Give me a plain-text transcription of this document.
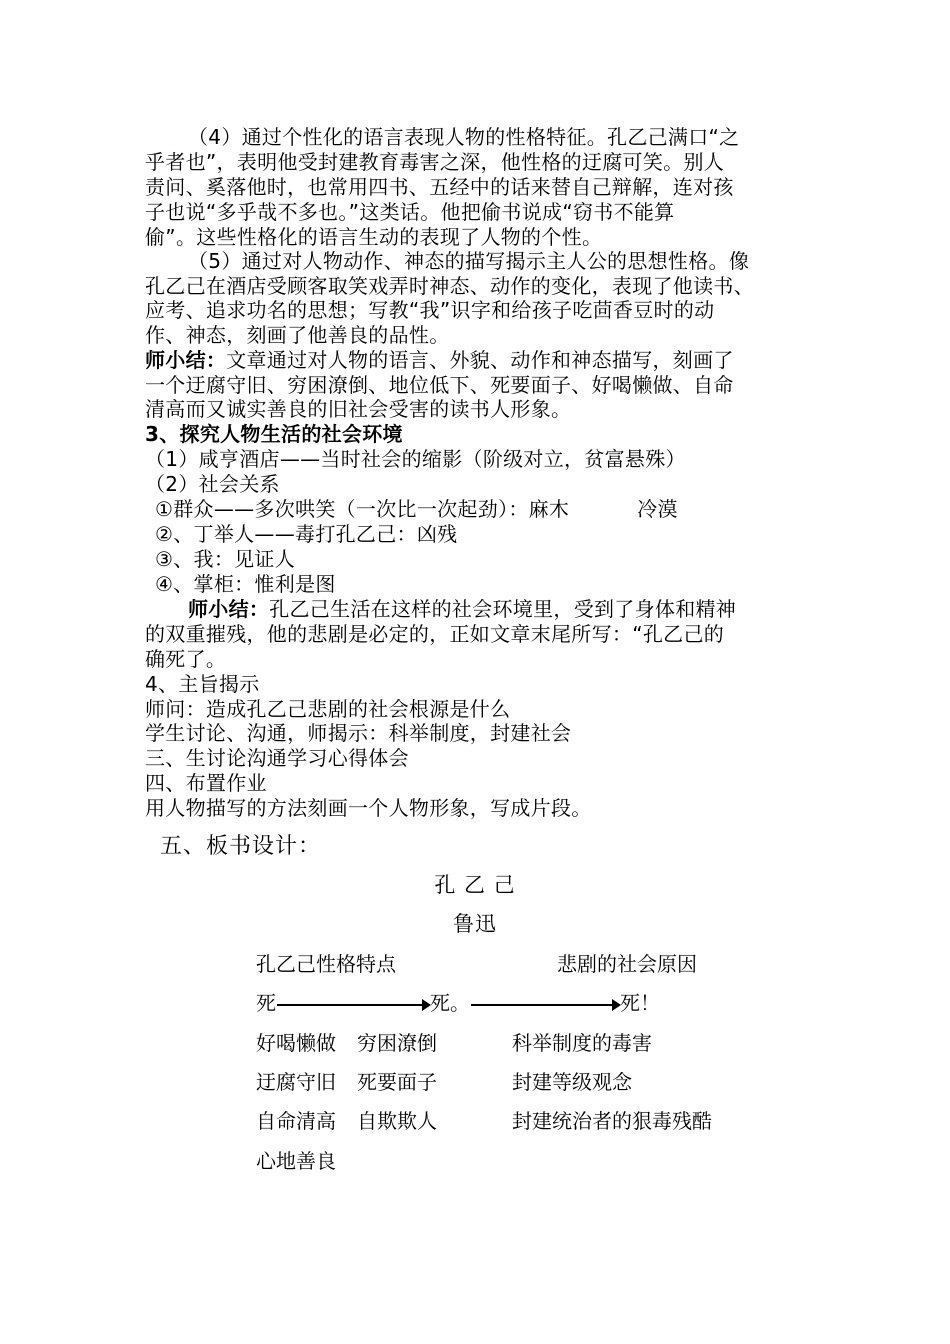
（4）通过个性化的语言表现人物的性格特征。孔乙己满口“之
乎者也”，表明他受封建教育毒害之深，他性格的迂腐可笑。别人
责问、奚落他时，也常用四书、五经中的话来替自己辩解，连对孩
子也说“多乎哉不多也。”这类话。他把偷书说成“窃书不能算
偷”。这些性格化的语言生动的表现了人物的个性。
（5）通过对人物动作、神态的描写揭示主人公的思想性格。像
孔乙己在酒店受顾客取笑戏弄时神态、动作的变化，表现了他读书、
应考、追求功名的思想；写教“我”识字和给孩子吃茴香豆时的动
作、神态，刻画了他善良的品性。
师小结：文章通过对人物的语言、外貌、动作和神态描写，刻画了
一个迂腐守旧、穷困潦倒、地位低下、死要面子、好喝懒做、自命
清高而又诚实善良的旧社会受害的读书人形象。
3、探究人物生活的社会环境
（1）咸亨酒店——当时社会的缩影（阶级对立，贫富悬殊）
（2）社会关系
①群众——多次哄笑（一次比一次起劲）：麻木	冷漠
②、丁举人——毒打孔乙己：凶残
③、我：见证人
④、掌柜：惟利是图
师小结：孔乙己生活在这样的社会环境里，受到了身体和精神
的双重摧残，他的悲剧是必定的，正如文章末尾所写：“孔乙己的
确死了。
4、主旨揭示
师问：造成孔乙己悲剧的社会根源是什么
学生讨论、沟通，师揭示：科举制度，封建社会
三、生讨论沟通学习心得体会
四、布置作业
用人物描写的方法刻画一个人物形象，写成片段。
五、板书设计：
孔 乙 己
鲁迅
孔乙己性格特点	悲剧的社会原因
死	死。	死！
好喝懒做 穷困潦倒	科举制度的毒害
迂腐守旧 死要面子	封建等级观念
自命清高 自欺欺人	封建统治者的狠毒残酷
心地善良
